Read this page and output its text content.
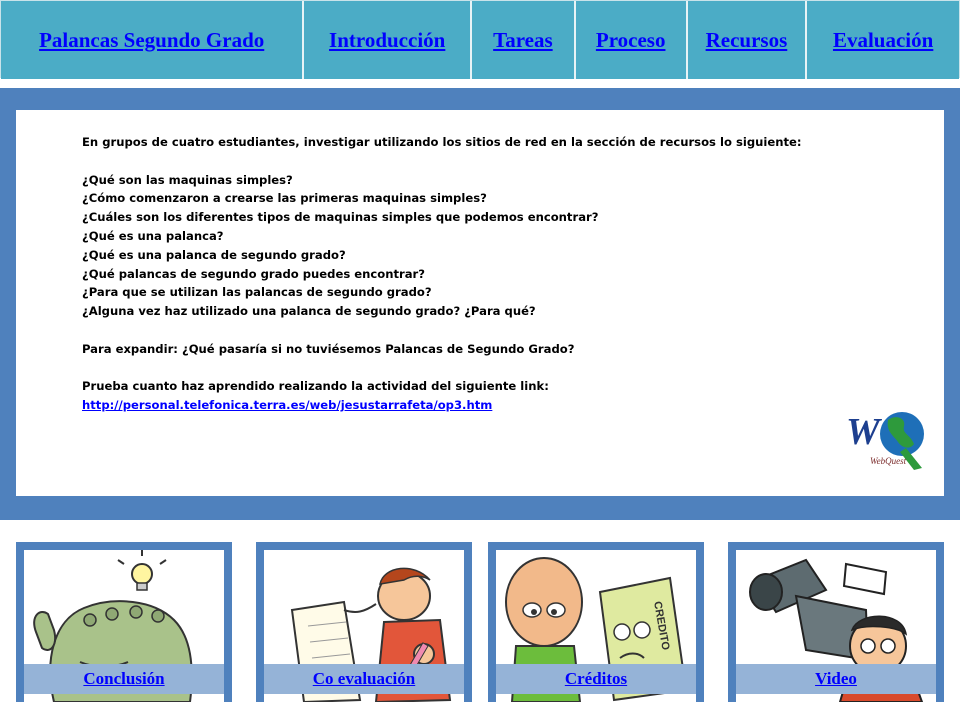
Palancas Segundo Grado	Introducción Tareas Proceso Recursos Evaluación

En grupos de cuatro estudiantes, investigar utilizando los sitios de red en la sección de recursos lo siguiente:

¿Qué son las maquinas simples?

¿Cómo comenzaron a crearse las primeras maquinas simples?

¿Cuáles son los diferentes tipos de maquinas simples que podemos encontrar?

¿Qué es una palanca?

¿Qué es una palanca de segundo grado?

¿Qué palancas de segundo grado puedes encontrar?

¿Para que se utilizan las palancas de segundo grado?

¿Alguna vez haz utilizado una palanca de segundo grado? ¿Para qué?

Para expandir: ¿Qué pasaría si no tuviésemos Palancas de Segundo Grado?

Prueba cuanto haz aprendido realizando la actividad del siguiente link:

http://personal.telefonica.terra.es/web/jesustarrafeta/op3.htm

W
WebQuest
Conclusión	Co evaluación
CREDITO
Créditos	Video
